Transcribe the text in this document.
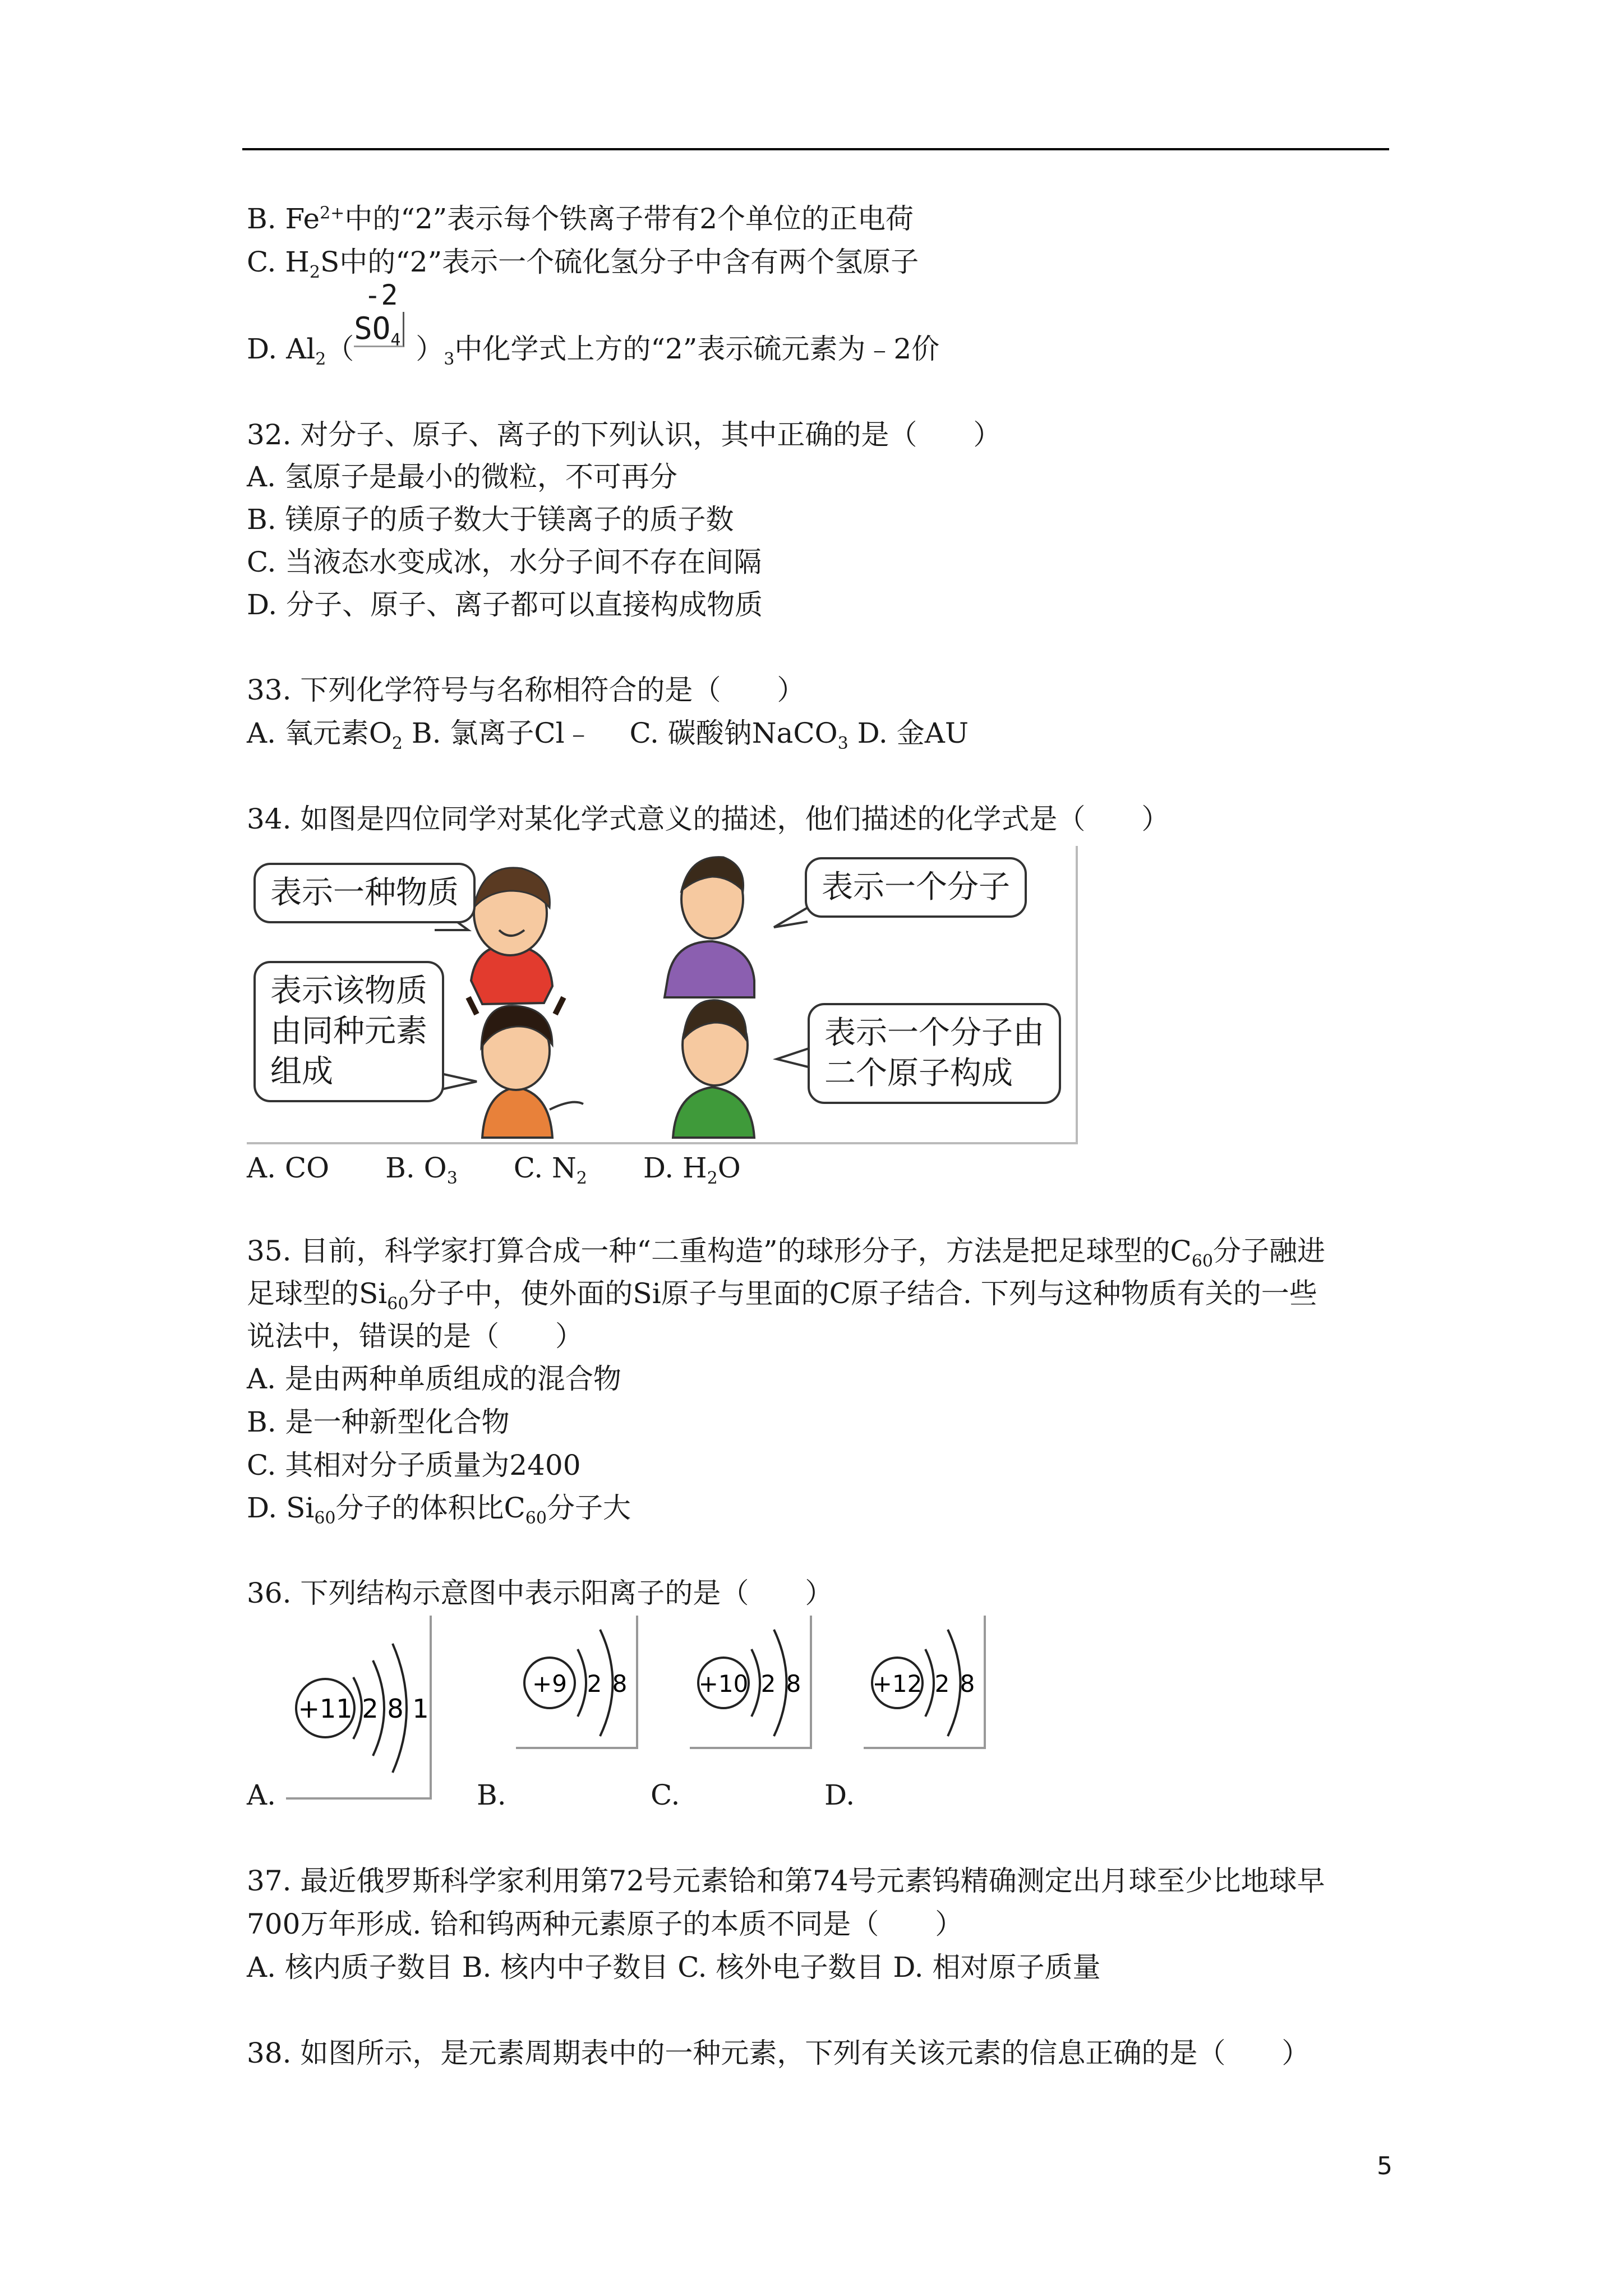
B. $Fe^{2+}$中的“2”表示每个铁离子带有2个单位的正电荷
C. $H_2S$中的“2”表示一个硫化氢分子中含有两个氢原子
D. $Al_2$（
-2
$SO_4$ ）$_3$中化学式上方的“2”表示硫元素为﹣2价
32. 对分子、原子、离子的下列认识，其中正确的是（　　）
A. 氢原子是最小的微粒，不可再分
B. 镁原子的质子数大于镁离子的质子数
C. 当液态水变成冰，水分子间不存在间隔
D. 分子、原子、离子都可以直接构成物质
33. 下列化学符号与名称相符合的是（　　）
A. 氧元素$O_2$ B. 氯离子Cl﹣　 C. 碳酸钠NaCO$_3$ D. 金AU
34. 如图是四位同学对某化学式意义的描述，他们描述的化学式是（　　）
表示一种物质	表示一个分子
表示该物质
由同种元素
组成
表示一个分子由
二个原子构成
A. CO　　 B. $O_3$　　 C. $N_2$　　 D. $H_2O$
35. 目前，科学家打算合成一种“二重构造”的球形分子，方法是把足球型的$C_{60}$分子融进
足球型的$Si_{60}$分子中，使外面的Si原子与里面的C原子结合. 下列与这种物质有关的一些
说法中，错误的是（　　）
A. 是由两种单质组成的混合物
B. 是一种新型化合物
C. 其相对分子质量为2400
D. $Si_{60}$分子的体积比$C_{60}$分子大
36. 下列结构示意图中表示阳离子的是（　　）
+11 2 8 1
+9 2 8	+10 2 8	+12 2 8
A.	B.	C.	D.
37. 最近俄罗斯科学家利用第72号元素铪和第74号元素钨精确测定出月球至少比地球早
700万年形成. 铪和钨两种元素原子的本质不同是（　　）
A. 核内质子数目 B. 核内中子数目 C. 核外电子数目 D. 相对原子质量
38. 如图所示，是元素周期表中的一种元素，下列有关该元素的信息正确的是（　　）
5
